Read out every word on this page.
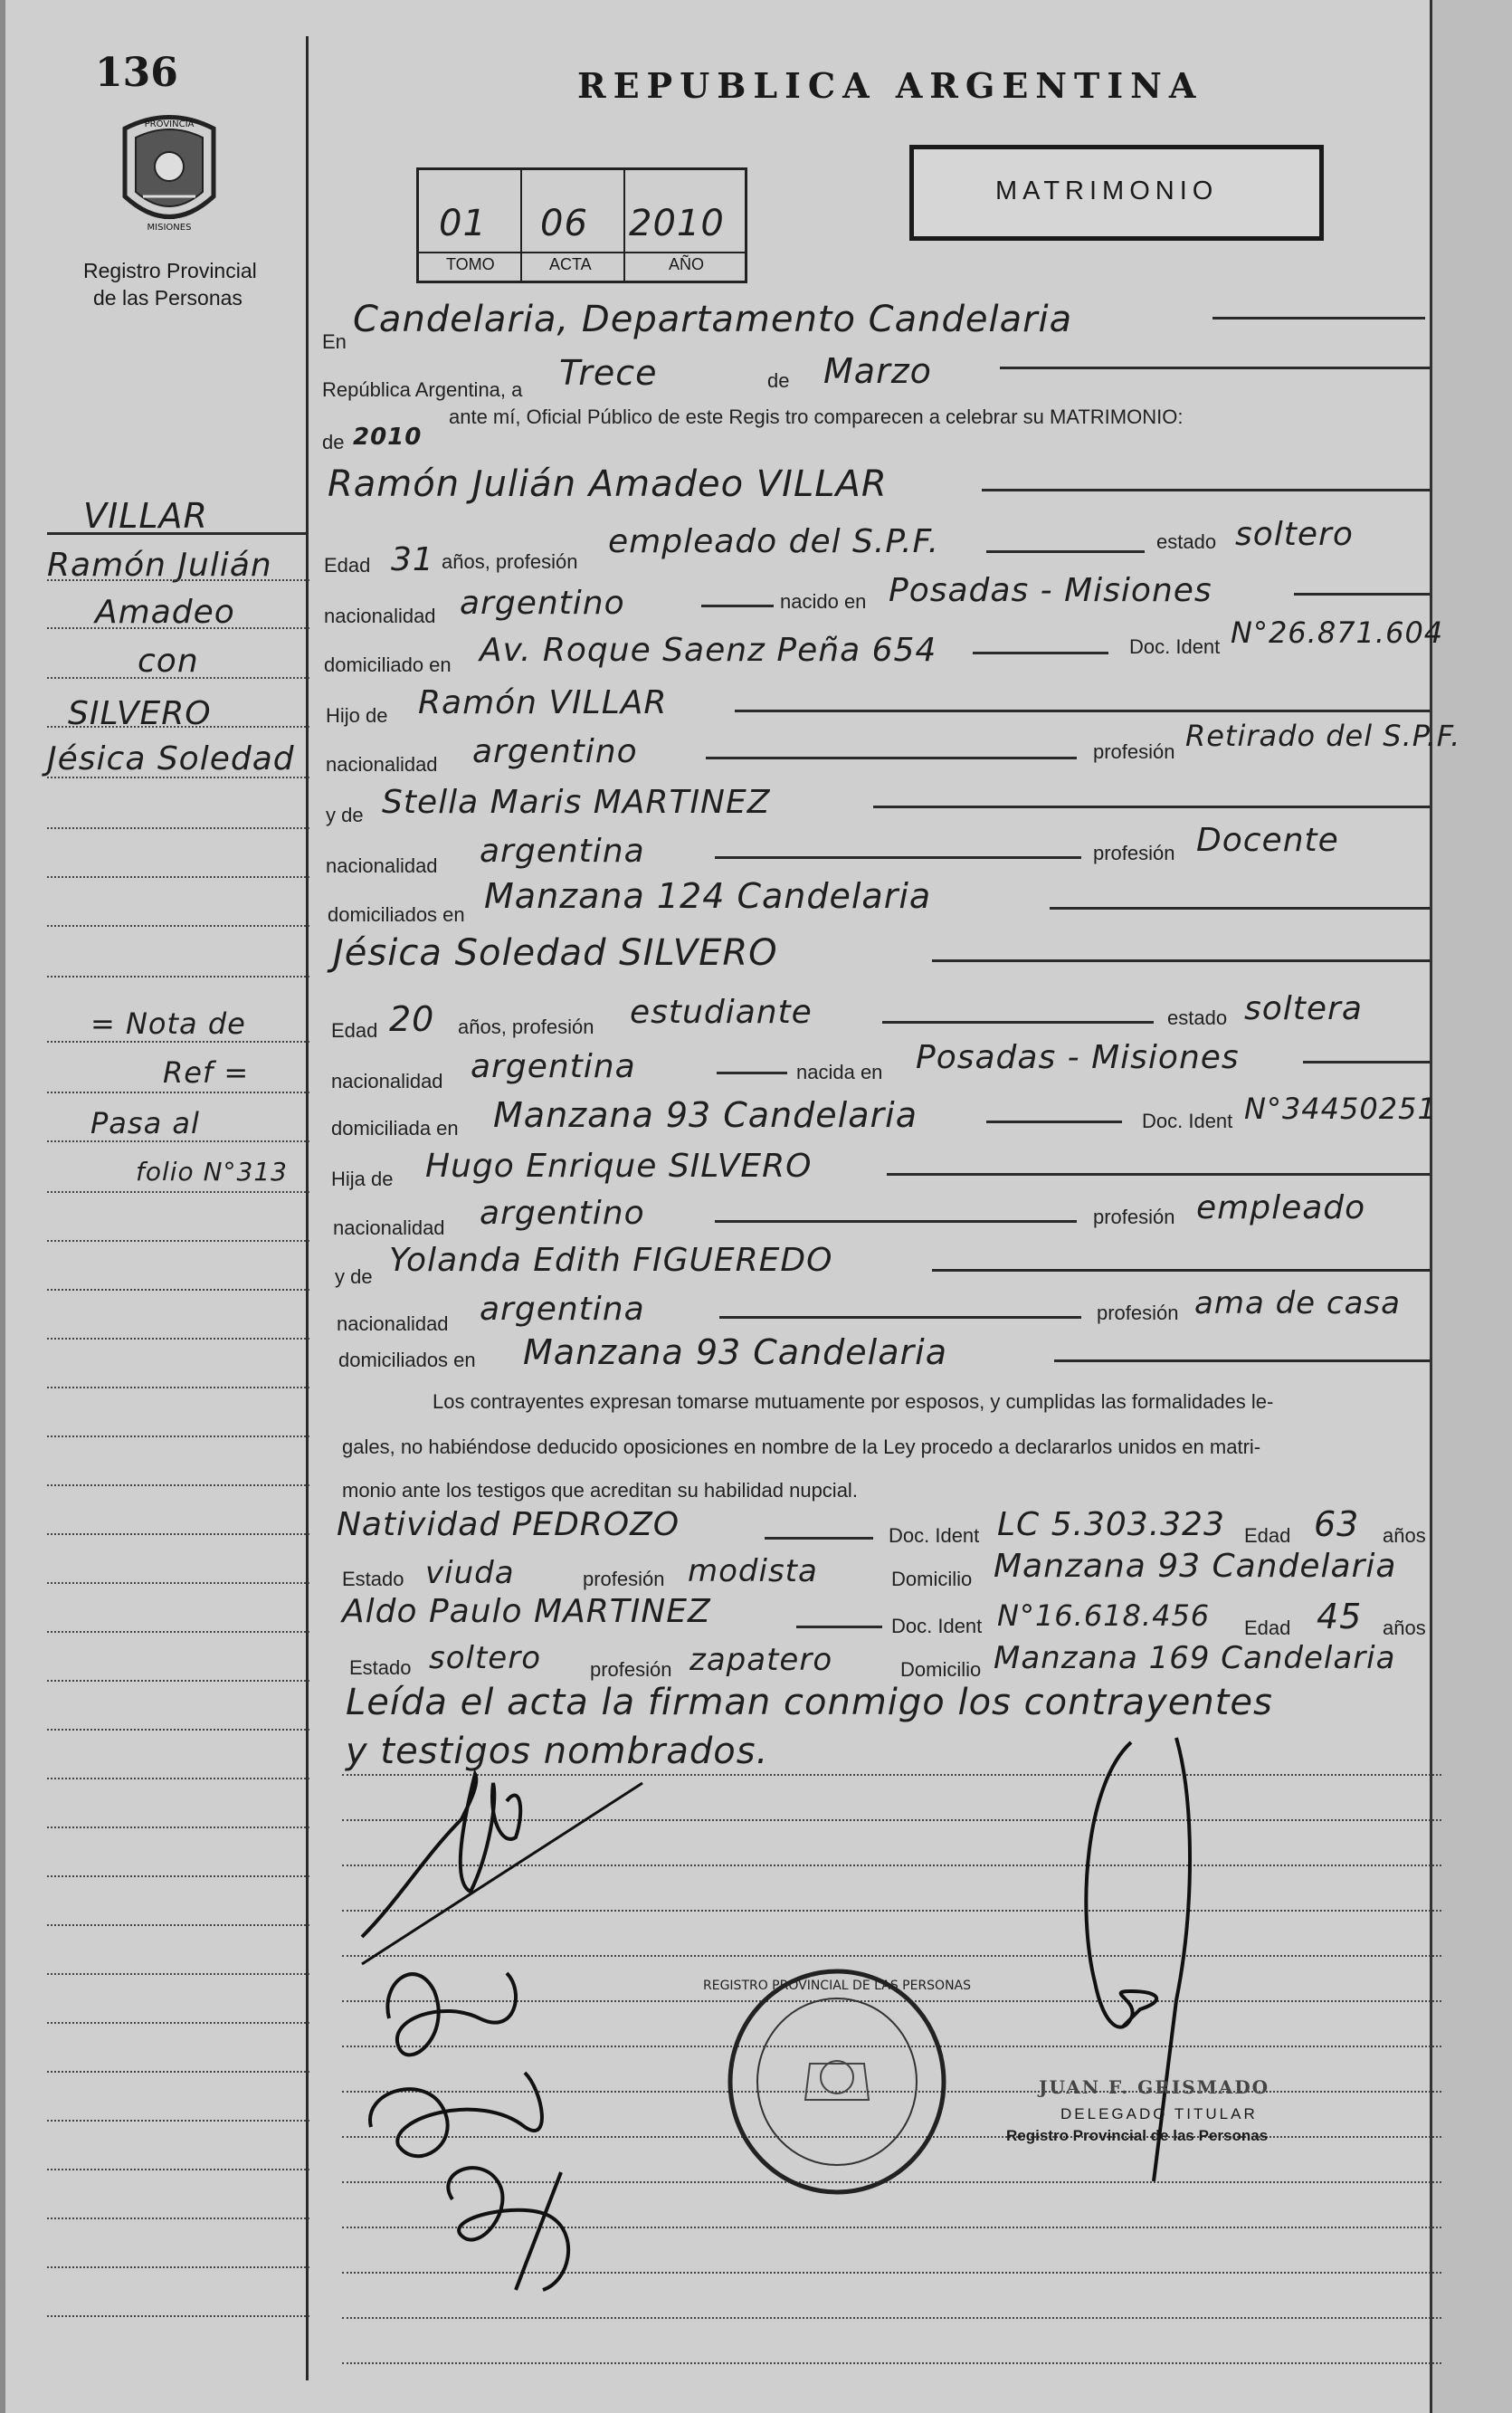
136
PROVINCIA
MISIONES
Registro Provincial
de las Personas
REPUBLICA ARGENTINA
01 06 2010
TOMO	ACTA	AÑO
MATRIMONIO
VILLAR
Ramón Julián
Amadeo
con
SILVERO
Jésica Soledad
= Nota de
Ref =
Pasa al
folio N°313
En
Candelaria, Departamento Candelaria
República Argentina, a Trece	de Marzo
de 2010
ante mí, Oficial Público de este Regis tro comparecen a celebrar su MATRIMONIO:
Ramón Julián Amadeo VILLAR
Edad 31 años, profesión
empleado del S.P.F.	estado soltero
nacionalidad argentino	nacido en Posadas - Misiones
domiciliado en Av. Roque Saenz Peña 654	Doc. Ident N°26.871.604
Hijo de Ramón VILLAR
nacionalidad argentino	profesión Retirado del S.P.F.
y de Stella Maris MARTINEZ
nacionalidad argentina	profesión Docente
domiciliados en Manzana 124 Candelaria
Jésica Soledad SILVERO
Edad 20 años, profesión estudiante	estado soltera
nacionalidad argentina	nacida en Posadas - Misiones
domiciliada en Manzana 93 Candelaria	Doc. Ident N°34450251
Hija de Hugo Enrique SILVERO
nacionalidad argentino	profesión empleado
y de Yolanda Edith FIGUEREDO
nacionalidad argentina	profesión ama de casa
domiciliados en Manzana 93 Candelaria
Los contrayentes expresan tomarse mutuamente por esposos, y cumplidas las formalidades le-
gales, no habiéndose deducido oposiciones en nombre de la Ley procedo a declararlos unidos en matri-
monio ante los testigos que acreditan su habilidad nupcial.
Natividad PEDROZO	Doc. Ident LC 5.303.323 Edad 63 años
Estado viuda	profesión modista	Domicilio Manzana 93 Candelaria
Aldo Paulo MARTINEZ	Doc. Ident N°16.618.456 Edad 45 años
Estado soltero profesión zapatero	Domicilio Manzana 169 Candelaria
Leída el acta la firman conmigo los contrayentes
y testigos nombrados.
REGISTRO PROVINCIAL DE LAS PERSONAS
JUAN F. GRISMADO
DELEGADO TITULAR
Registro Provincial de las Personas
